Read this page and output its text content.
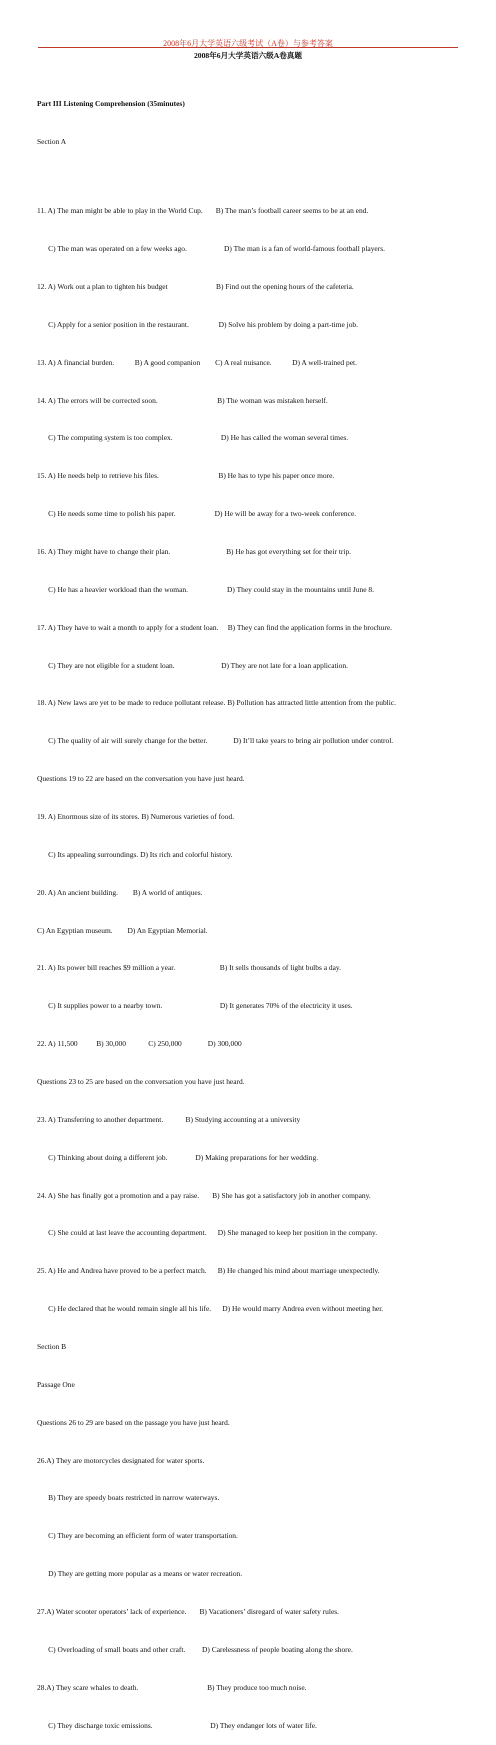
2008年6月大学英语六级考试（A卷）与参考答案
2008年6月大学英语六级A卷真题

Part III Listening Comprehension (35minutes)

Section A

11. A) The man might be able to play in the World Cup.       B) The man’s football career seems to be at an end.

C) The man was operated on a few weeks ago.                    D) The man is a fan of world-famous football players.

12. A) Work out a plan to tighten his budget                          B) Find out the opening hours of the cafeteria.

C) Apply for a senior position in the restaurant.                D) Solve his problem by doing a part-time job.

13. A) A financial burden.           B) A good companion        C) A real nuisance.           D) A well-trained pet.

14. A) The errors will be corrected soon.                                B) The woman was mistaken herself.

C) The computing system is too complex.                          D) He has called the woman several times.

15. A) He needs help to retrieve his files.                                B) He has to type his paper once more.

C) He needs some time to polish his paper.                     D) He will be away for a two-week conference.

16. A) They might have to change their plan.                              B) He has got everything set for their trip.

C) He has a heavier workload than the woman.                     D) They could stay in the mountains until June 8.

17. A) They have to wait a month to apply for a student loan.     B) They can find the application forms in the brochure.

C) They are not eligible for a student loan.                         D) They are not late for a loan application.

18. A) New laws are yet to be made to reduce pollutant release. B) Pollution has attracted little attention from the public.

C) The quality of air will surely change for the better.              D) It’ll take years to bring air pollution under control.

Questions 19 to 22 are based on the conversation you have just heard.

19. A) Enormous size of its stores. B) Numerous varieties of food.

C) Its appealing surroundings. D) Its rich and colorful history.

20. A) An ancient building.        B) A world of antiques.

C) An Egyptian museum.        D) An Egyptian Memorial.

21. A) Its power bill reaches $9 million a year.                        B) It sells thousands of light bulbs a day.

C) It supplies power to a nearby town.                               D) It generates 70% of the electricity it uses.

22. A) 11,500          B) 30,000            C) 250,000              D) 300,000

Questions 23 to 25 are based on the conversation you have just heard.

23. A) Transferring to another department.            B) Studying accounting at a university

C) Thinking about doing a different job.               D) Making preparations for her wedding.

24. A) She has finally got a promotion and a pay raise.       B) She has got a satisfactory job in another company.

C) She could at last leave the accounting department.      D) She managed to keep her position in the company.

25. A) He and Andrea have proved to be a perfect match.      B) He changed his mind about marriage unexpectedly.

C) He declared that he would remain single all his life.      D) He would marry Andrea even without meeting her.

Section B

Passage One

Questions 26 to 29 are based on the passage you have just heard.

26.A) They are motorcycles designated for water sports.

B) They are speedy boats restricted in narrow waterways.

C) They are becoming an efficient form of water transportation.

D) They are getting more popular as a means or water recreation.

27.A) Water scooter operators’ lack of experience.       B) Vacationers’ disregard of water safety rules.

C) Overloading of small boats and other craft.         D) Carelessness of people boating along the shore.

28.A) They scare whales to death.                                     B) They produce too much noise.

C) They discharge toxic emissions.                               D) They endanger lots of water life.
